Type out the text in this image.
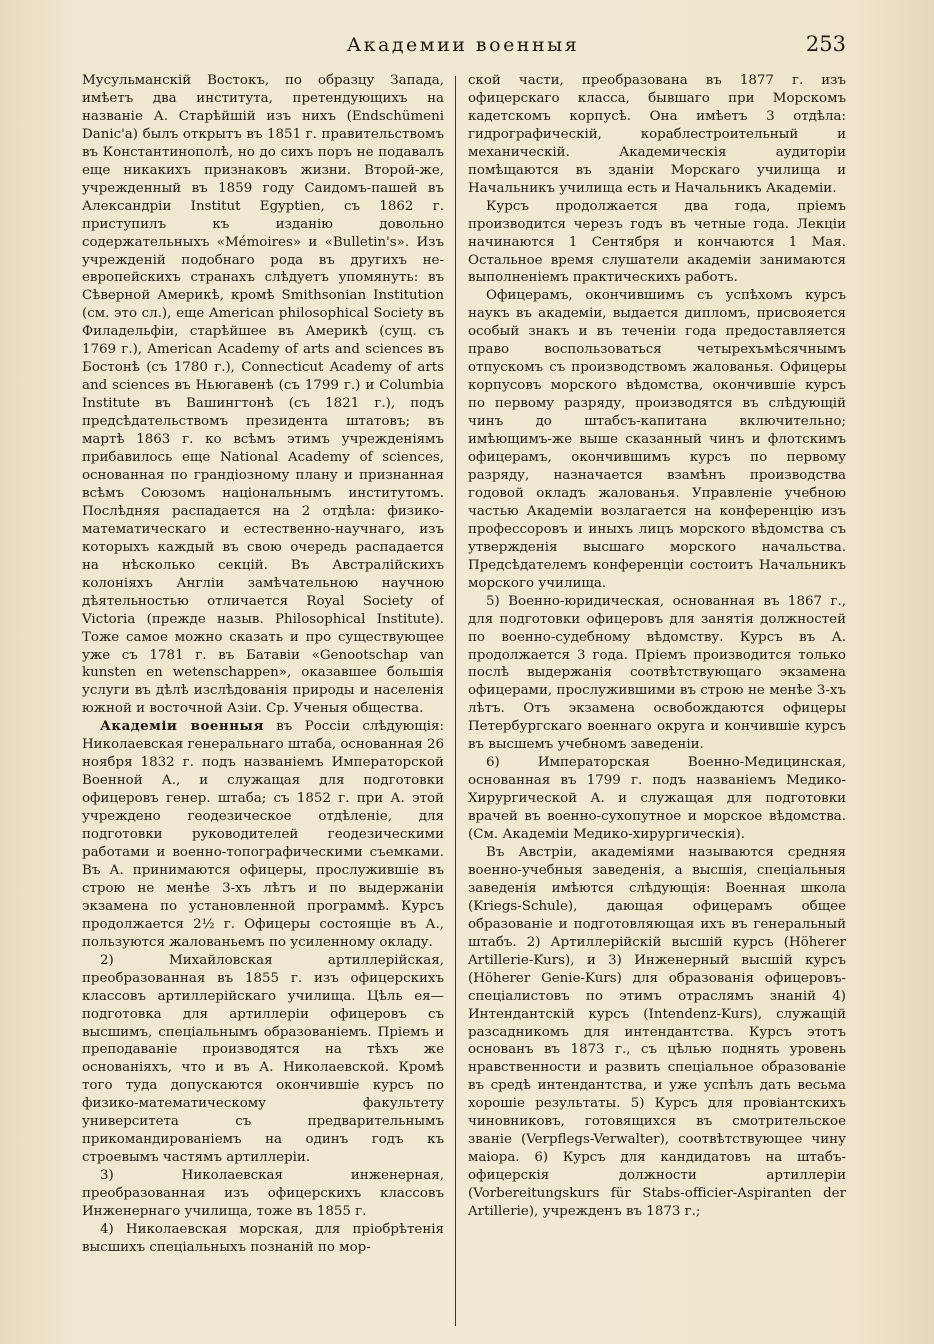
Академии военныя	253

Мусульманскій Востокъ, по образцу Запада, имѣетъ два института, претендующихъ на названіе А. Старѣйшій изъ нихъ (Endschümeni Danic'a) былъ открытъ въ 1851 г. правительствомъ въ Константинополѣ, но до сихъ поръ не подавалъ еще никакихъ признаковъ жизни. Второй-же, учрежденный въ 1859 году Саидомъ-пашей въ Александріи Institut Egyptien, съ 1862 г. приступилъ къ изданію довольно содержательныхъ «Mémoires» и «Bulletin's». Изъ учрежденій подобнаго рода въ другихъ не-европейскихъ странахъ слѣдуетъ упомянуть: въ Сѣверной Америкѣ, кромѣ Smithsonian Institution (см. это сл.), еще American philosophical Society въ Филадельфіи, старѣйшее въ Америкѣ (сущ. съ 1769 г.), American Academy of arts and sciences въ Бостонѣ (съ 1780 г.), Connecticut Academy of arts and sciences въ Ньюгавенѣ (съ 1799 г.) и Columbia Institute въ Вашингтонѣ (съ 1821 г.), подъ предсѣдательствомъ президента штатовъ; въ мартѣ 1863 г. ко всѣмъ этимъ учрежденіямъ прибавилось еще National Academy of sciences, основанная по грандіозному плану и признанная всѣмъ Союзомъ національнымъ институтомъ. Послѣдняя распадается на 2 отдѣла: физико-математическаго и естественно-научнаго, изъ которыхъ каждый въ свою очередь распадается на нѣсколько секцій. Въ Австралійскихъ колоніяхъ Англіи замѣчательною научною дѣятельностью отличается Royal Society of Victoria (прежде назыв. Philosophical Institute). Тоже самое можно сказать и про существующее уже съ 1781 г. въ Батавіи «Genootschap van kunsten en wetenschappen», оказавшее большія услуги въ дѣлѣ изслѣдованія природы и населенія южной и восточной Азіи. Ср. Ученыя общества.

Академіи военныя въ Россіи слѣдующія: Николаевская генеральнаго штаба, основанная 26 ноября 1832 г. подъ названіемъ Императорской Военной А., и служащая для подготовки офицеровъ генер. штаба; съ 1852 г. при А. этой учреждено геодезическое отдѣленіе, для подготовки руководителей геодезическими работами и военно-топографическими съемками. Въ А. принимаются офицеры, прослужившіе въ строю не менѣе 3-хъ лѣтъ и по выдержаніи экзамена по установленной программѣ. Курсъ продолжается 2½ г. Офицеры состоящіе въ А., пользуются жалованьемъ по усиленному окладу.

2) Михайловская артиллерійская, преобразованная въ 1855 г. изъ офицерскихъ классовъ артиллерійскаго училища. Цѣль ея—подготовка для артиллеріи офицеровъ съ высшимъ, спеціальнымъ образованіемъ. Пріемъ и преподаваніе производятся на тѣхъ же основаніяхъ, что и въ А. Николаевской. Кромѣ того туда допускаются окончившіе курсъ по физико-математическому факультету университета съ предварительнымъ прикомандированіемъ на одинъ годъ къ строевымъ частямъ артиллеріи.

3) Николаевская инженерная, преобразованная изъ офицерскихъ классовъ Инженернаго училища, тоже въ 1855 г.

4) Николаевская морская, для пріобрѣтенія высшихъ спеціальныхъ познаній по мор-

ской части, преобразована въ 1877 г. изъ офицерскаго класса, бывшаго при Морскомъ кадетскомъ корпусѣ. Она имѣетъ 3 отдѣла: гидрографическій, кораблестроительный и механическій. Академическія аудиторіи помѣщаются въ зданіи Морскаго училища и Начальникъ училища есть и Начальникъ Академіи.

Курсъ продолжается два года, пріемъ производится черезъ годъ въ четные года. Лекціи начинаются 1 Сентября и кончаются 1 Мая. Остальное время слушатели академіи занимаются выполненіемъ практическихъ работъ.

Офицерамъ, окончившимъ съ успѣхомъ курсъ наукъ въ академіи, выдается дипломъ, присвояется особый знакъ и въ теченіи года предоставляется право воспользоваться четырехъмѣсячнымъ отпускомъ съ производствомъ жалованья. Офицеры корпусовъ морского вѣдомства, окончившіе курсъ по первому разряду, производятся въ слѣдующій чинъ до штабсъ-капитана включительно; имѣющимъ-же выше сказанный чинъ и флотскимъ офицерамъ, окончившимъ курсъ по первому разряду, назначается взамѣнъ производства годовой окладъ жалованья. Управленіе учебною частью Академіи возлагается на конференцію изъ профессоровъ и иныхъ лицъ морского вѣдомства съ утвержденія высшаго морского начальства. Предсѣдателемъ конференціи состоитъ Начальникъ морского училища.

5) Военно-юридическая, основанная въ 1867 г., для подготовки офицеровъ для занятія должностей по военно-судебному вѣдомству. Курсъ въ А. продолжается 3 года. Пріемъ производится только послѣ выдержанія соотвѣтствующаго экзамена офицерами, прослужившими въ строю не менѣе 3-хъ лѣтъ. Отъ экзамена освобождаются офицеры Петербургскаго военнаго округа и кончившіе курсъ въ высшемъ учебномъ заведеніи.

6) Императорская Военно-Медицинская, основанная въ 1799 г. подъ названіемъ Медико-Хирургической А. и служащая для подготовки врачей въ военно-сухопутное и морское вѣдомства. (См. Академіи Медико-хирургическія).

Въ Австріи, академіями называются средняя военно-учебныя заведенія, а высшія, спеціальныя заведенія имѣются слѣдующія: Военная школа (Kriegs-Schule), дающая офицерамъ общее образованіе и подготовляющая ихъ въ генеральный штабъ. 2) Артиллерійскій высшій курсъ (Höherer Artillerie-Kurs), и 3) Инженерный высшій курсъ (Höherer Genie-Kurs) для образованія офицеровъ-спеціалистовъ по этимъ отраслямъ знаній 4) Интендантскій курсъ (Intendenz-Kurs), служащій разсадникомъ для интендантства. Курсъ этотъ основанъ въ 1873 г., съ цѣлью поднять уровень нравственности и развить спеціальное образованіе въ средѣ интендантства, и уже успѣлъ дать весьма хорошіе результаты. 5) Курсъ для провіантскихъ чиновниковъ, готовящихся въ смотрительское званіе (Verpflegs-Verwalter), соотвѣтствующее чину маіора. 6) Курсъ для кандидатовъ на штабъ-офицерскія должности артиллеріи (Vorbereitungskurs für Stabs-officier-Aspiranten der Artillerie), учрежденъ въ 1873 г.;
